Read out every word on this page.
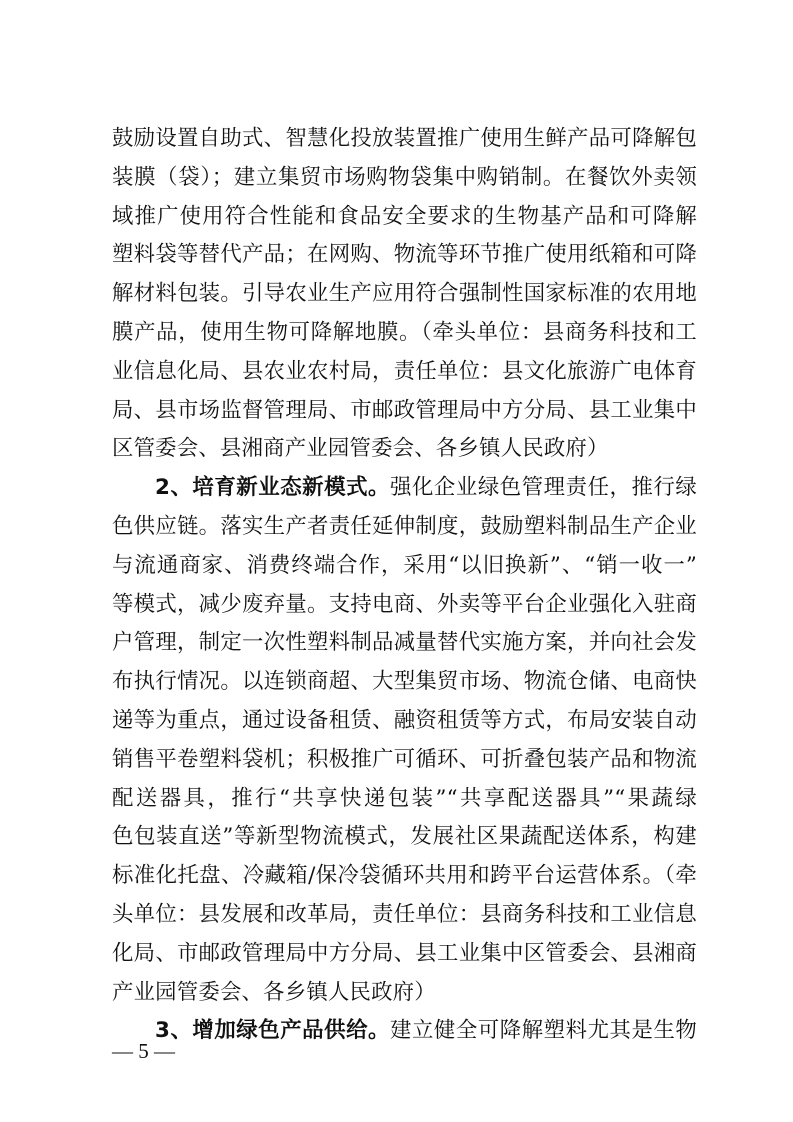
鼓励设置自助式、智慧化投放装置推广使用生鲜产品可降解包
装膜（袋）；建立集贸市场购物袋集中购销制。在餐饮外卖领
域推广使用符合性能和食品安全要求的生物基产品和可降解
塑料袋等替代产品；在网购、物流等环节推广使用纸箱和可降
解材料包装。引导农业生产应用符合强制性国家标准的农用地
膜产品，使用生物可降解地膜。（牵头单位：县商务科技和工
业信息化局、县农业农村局，责任单位：县文化旅游广电体育
局、县市场监督管理局、市邮政管理局中方分局、县工业集中
区管委会、县湘商产业园管委会、各乡镇人民政府）
2、培育新业态新模式。强化企业绿色管理责任，推行绿
色供应链。落实生产者责任延伸制度，鼓励塑料制品生产企业
与流通商家、消费终端合作，采用“以旧换新”、“销一收一”
等模式，减少废弃量。支持电商、外卖等平台企业强化入驻商
户管理，制定一次性塑料制品减量替代实施方案，并向社会发
布执行情况。以连锁商超、大型集贸市场、物流仓储、电商快
递等为重点，通过设备租赁、融资租赁等方式，布局安装自动
销售平卷塑料袋机；积极推广可循环、可折叠包装产品和物流
配送器具，推行“共享快递包装”“共享配送器具”“果蔬绿
色包装直送”等新型物流模式，发展社区果蔬配送体系，构建
标准化托盘、冷藏箱/保冷袋循环共用和跨平台运营体系。（牵
头单位：县发展和改革局，责任单位：县商务科技和工业信息
化局、市邮政管理局中方分局、县工业集中区管委会、县湘商
产业园管委会、各乡镇人民政府）
3、增加绿色产品供给。建立健全可降解塑料尤其是生物
— 5 —
